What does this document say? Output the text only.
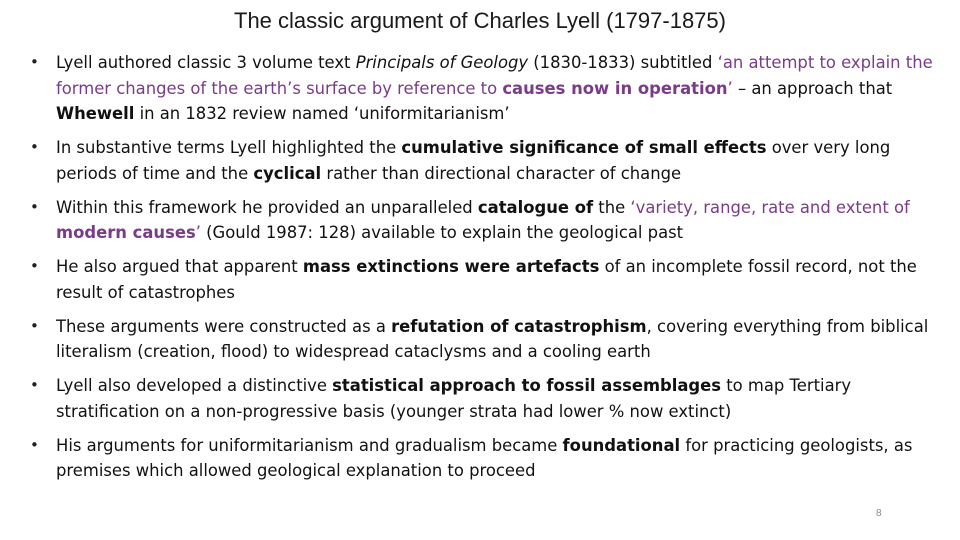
The classic argument of Charles Lyell (1797-1875)
•	Lyell authored classic 3 volume text Principals of Geology (1830-1833) subtitled ‘an attempt to explain the former changes of the earth’s surface by reference to causes now in operation’ – an approach that Whewell in an 1832 review named ‘uniformitarianism’
•	In substantive terms Lyell highlighted the cumulative significance of small effects over very long periods of time and the cyclical rather than directional character of change
•	Within this framework he provided an unparalleled catalogue of the ‘variety, range, rate and extent of modern causes’ (Gould 1987: 128) available to explain the geological past
•	He also argued that apparent mass extinctions were artefacts of an incomplete fossil record, not the result of catastrophes
•	These arguments were constructed as a refutation of catastrophism, covering everything from biblical literalism (creation, flood) to widespread cataclysms and a cooling earth
•	Lyell also developed a distinctive statistical approach to fossil assemblages to map Tertiary stratification on a non-progressive basis (younger strata had lower % now extinct)
•	His arguments for uniformitarianism and gradualism became foundational for practicing geologists, as premises which allowed geological explanation to proceed
8
